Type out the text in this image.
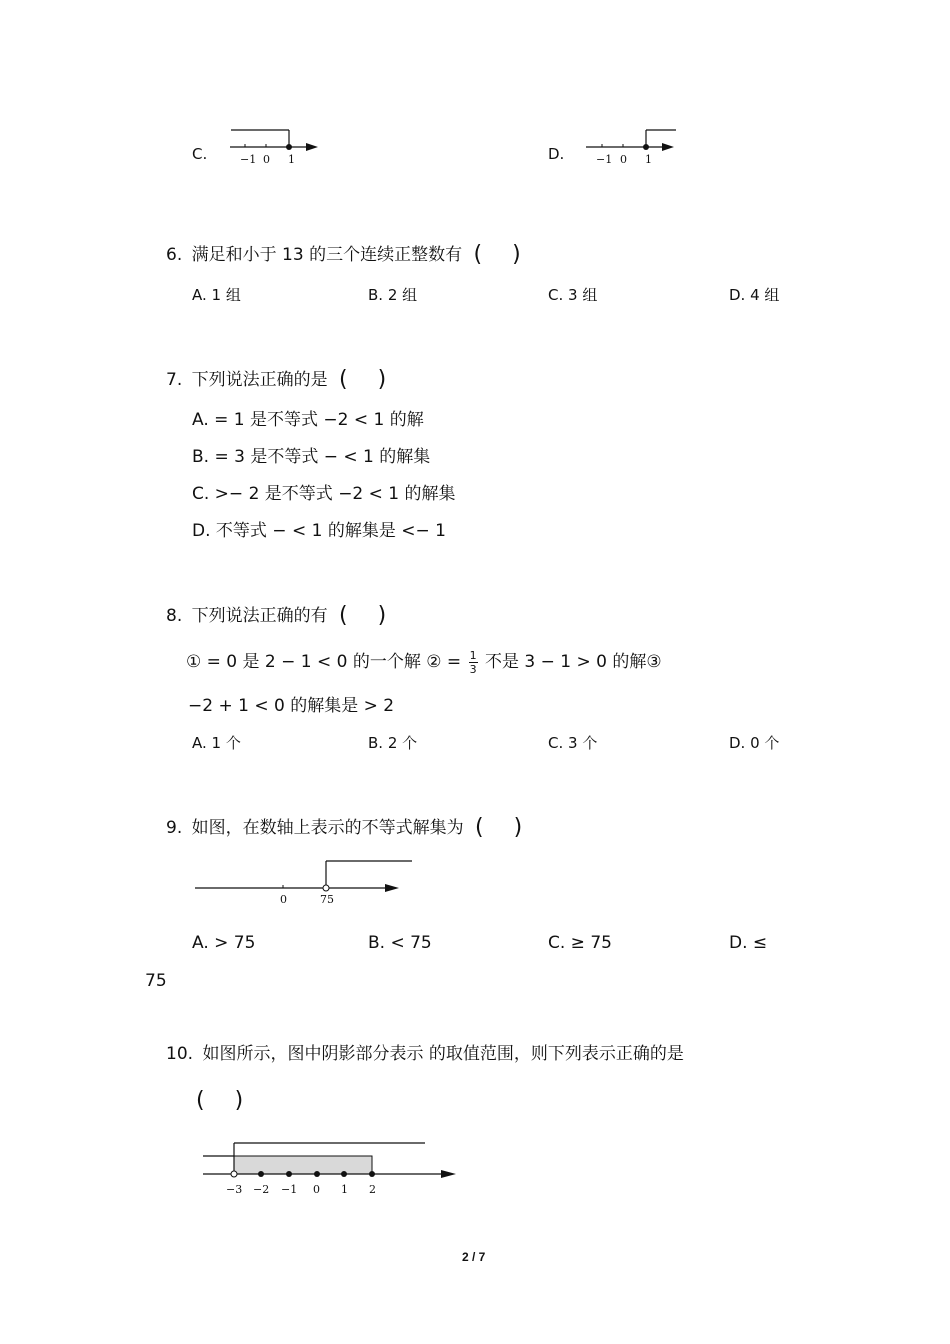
C.	−1 0 1	D.	−1 0 1
6. 满足和小于 13 的三个连续正整数有 ( )
A. 1 组	B. 2 组	C. 3 组	D. 4 组
7. 下列说法正确的是 ( )
A. = 1 是不等式 −2 < 1 的解
B. = 3 是不等式 − < 1 的解集
C. >− 2 是不等式 −2 < 1 的解集
D. 不等式 − < 1 的解集是 <− 1
8. 下列说法正确的有 ( )
① = 0 是 2 − 1 < 0 的一个解 ② = $\frac{1}{3}$ 不是 3 − 1 > 0 的解③
−2 + 1 < 0 的解集是 > 2
A. 1 个	B. 2 个	C. 3 个	D. 0 个
9. 如图，在数轴上表示的不等式解集为 ( )
0	75
A. > 75	B. < 75	C. ≥ 75	D. ≤
75
10. 如图所示，图中阴影部分表示 的取值范围，则下列表示正确的是
( )
−3 −2 −1 0 1 2
2 / 7
